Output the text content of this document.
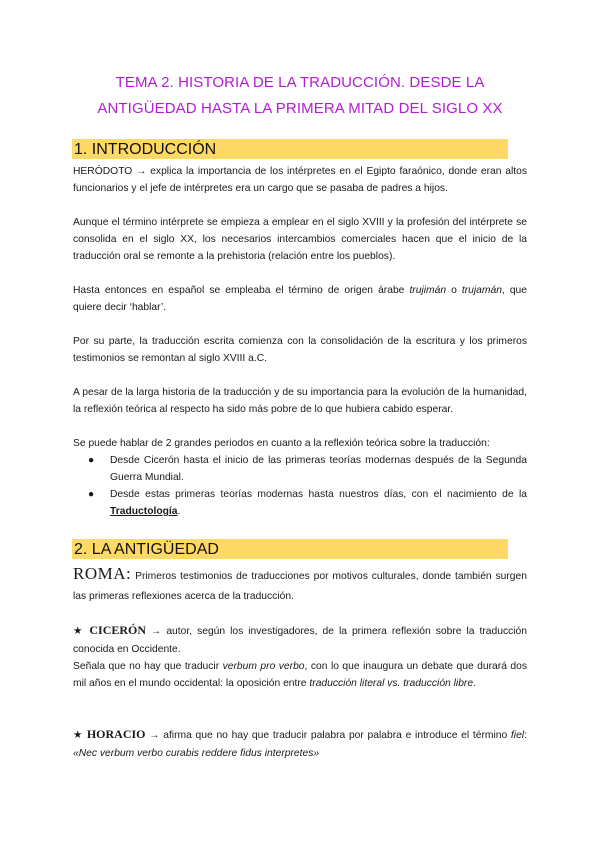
TEMA 2. HISTORIA DE LA TRADUCCIÓN. DESDE LA
ANTIGÜEDAD HASTA LA PRIMERA MITAD DEL SIGLO XX
1. INTRODUCCIÓN
HERÓDOTO → explica la importancia de los intérpretes en el Egipto faraónico, donde eran altos funcionarios y el jefe de intérpretes era un cargo que se pasaba de padres a hijos.
Aunque el término intérprete se empieza a emplear en el siglo XVIII y la profesión del intérprete se consolida en el siglo XX, los necesarios intercambios comerciales hacen que el inicio de la traducción oral se remonte a la prehistoria (relación entre los pueblos).
Hasta entonces en español se empleaba el término de origen árabe trujimán o trujamán, que quiere decir ‘hablar’.
Por su parte, la traducción escrita comienza con la consolidación de la escritura y los primeros testimonios se remontan al siglo XVIII a.C.
A pesar de la larga historia de la traducción y de su importancia para la evolución de la humanidad, la reflexión teórica al respecto ha sido más pobre de lo que hubiera cabido esperar.
Se puede hablar de 2 grandes periodos en cuanto a la reflexión teórica sobre la traducción:
● Desde Cicerón hasta el inicio de las primeras teorías modernas después de la Segunda Guerra Mundial.
● Desde estas primeras teorías modernas hasta nuestros días, con el nacimiento de la Traductología.
2. LA ANTIGÜEDAD
ROMA: Primeros testimonios de traducciones por motivos culturales, donde también surgen las primeras reflexiones acerca de la traducción.
★ CICERÓN → autor, según los investigadores, de la primera reflexión sobre la traducción conocida en Occidente.
Señala que no hay que traducir verbum pro verbo, con lo que inaugura un debate que durará dos mil años en el mundo occidental: la oposición entre traducción literal vs. traducción libre.
★ HORACIO → afirma que no hay que traducir palabra por palabra e introduce el término fiel: «Nec verbum verbo curabis reddere fidus interpretes»
